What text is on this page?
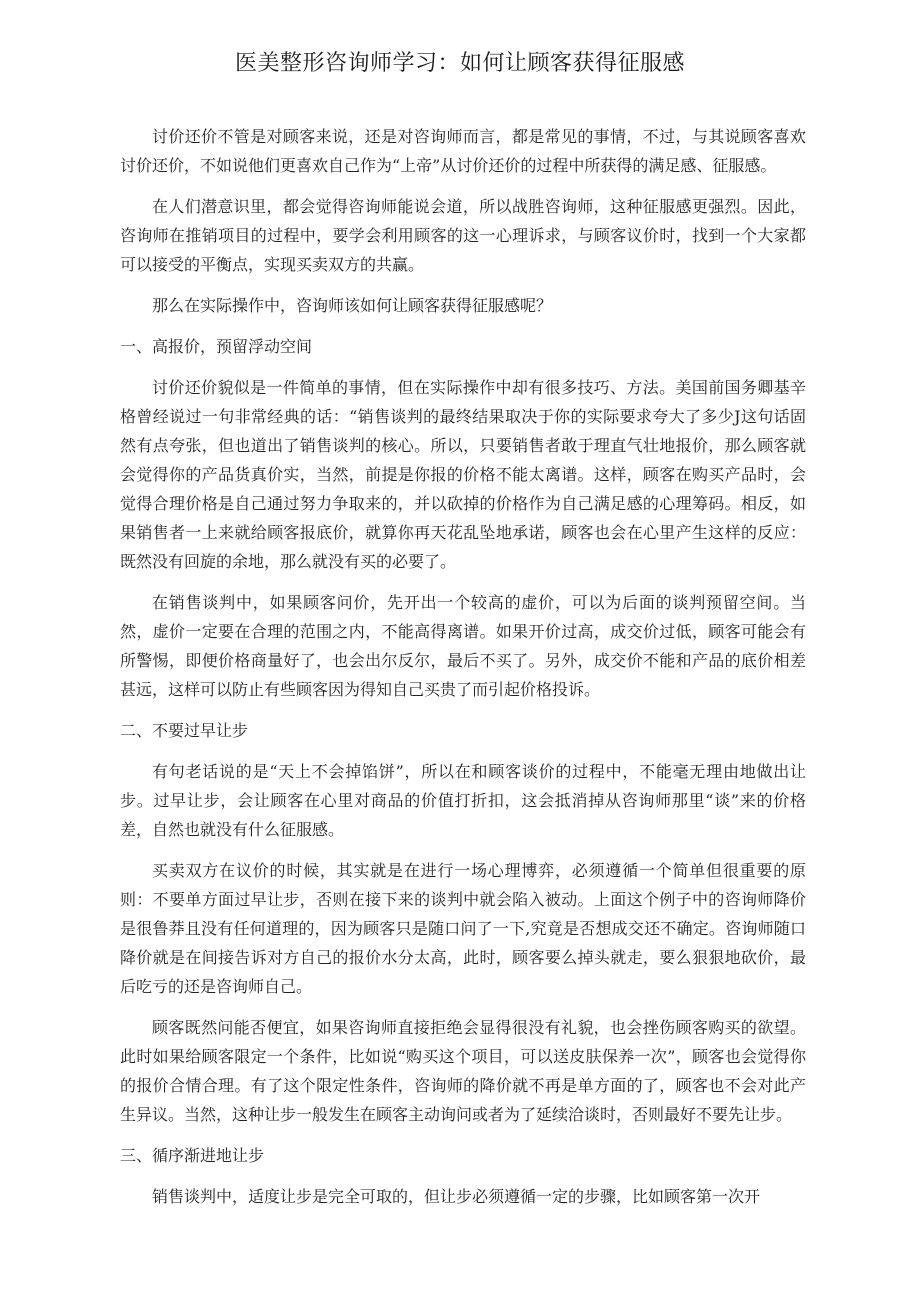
医美整形咨询师学习：如何让顾客获得征服感

讨价还价不管是对顾客来说，还是对咨询师而言，都是常见的事情，不过，与其说顾客喜欢讨价还价，不如说他们更喜欢自己作为“上帝”从讨价还价的过程中所获得的满足感、征服感。

在人们潜意识里，都会觉得咨询师能说会道，所以战胜咨询师，这种征服感更强烈。因此，咨询师在推销项目的过程中，要学会利用顾客的这一心理诉求，与顾客议价时，找到一个大家都可以接受的平衡点，实现买卖双方的共赢。

那么在实际操作中，咨询师该如何让顾客获得征服感呢？

一、高报价，预留浮动空间

讨价还价貌似是一件简单的事情，但在实际操作中却有很多技巧、方法。美国前国务卿基辛格曾经说过一句非常经典的话：“销售谈判的最终结果取决于你的实际要求夸大了多少J这句话固然有点夸张，但也道出了销售谈判的核心。所以，只要销售者敢于理直气壮地报价，那么顾客就会觉得你的产品货真价实，当然，前提是你报的价格不能太离谱。这样，顾客在购买产品时，会觉得合理价格是自己通过努力争取来的，并以砍掉的价格作为自己满足感的心理筹码。相反，如果销售者一上来就给顾客报底价，就算你再天花乱坠地承诺，顾客也会在心里产生这样的反应：既然没有回旋的余地，那么就没有买的必要了。

在销售谈判中，如果顾客问价，先开出一个较高的虚价，可以为后面的谈判预留空间。当然，虚价一定要在合理的范围之内，不能高得离谱。如果开价过高，成交价过低，顾客可能会有所警惕，即便价格商量好了，也会出尔反尔，最后不买了。另外，成交价不能和产品的底价相差甚远，这样可以防止有些顾客因为得知自己买贵了而引起价格投诉。

二、不要过早让步

有句老话说的是“天上不会掉馅饼”，所以在和顾客谈价的过程中，不能毫无理由地做出让步。过早让步，会让顾客在心里对商品的价值打折扣，这会抵消掉从咨询师那里“谈”来的价格差，自然也就没有什么征服感。

买卖双方在议价的时候，其实就是在进行一场心理博弈，必须遵循一个简单但很重要的原则：不要单方面过早让步，否则在接下来的谈判中就会陷入被动。上面这个例子中的咨询师降价是很鲁莽且没有任何道理的，因为顾客只是随口问了一下,究竟是否想成交还不确定。咨询师随口降价就是在间接告诉对方自己的报价水分太高，此时，顾客要么掉头就走，要么狠狠地砍价，最后吃亏的还是咨询师自己。

顾客既然问能否便宜，如果咨询师直接拒绝会显得很没有礼貌，也会挫伤顾客购买的欲望。此时如果给顾客限定一个条件，比如说“购买这个项目，可以送皮肤保养一次”，顾客也会觉得你的报价合情合理。有了这个限定性条件，咨询师的降价就不再是单方面的了，顾客也不会对此产生异议。当然，这种让步一般发生在顾客主动询问或者为了延续洽谈时，否则最好不要先让步。

三、循序渐进地让步

销售谈判中，适度让步是完全可取的，但让步必须遵循一定的步骤，比如顾客第一次开
